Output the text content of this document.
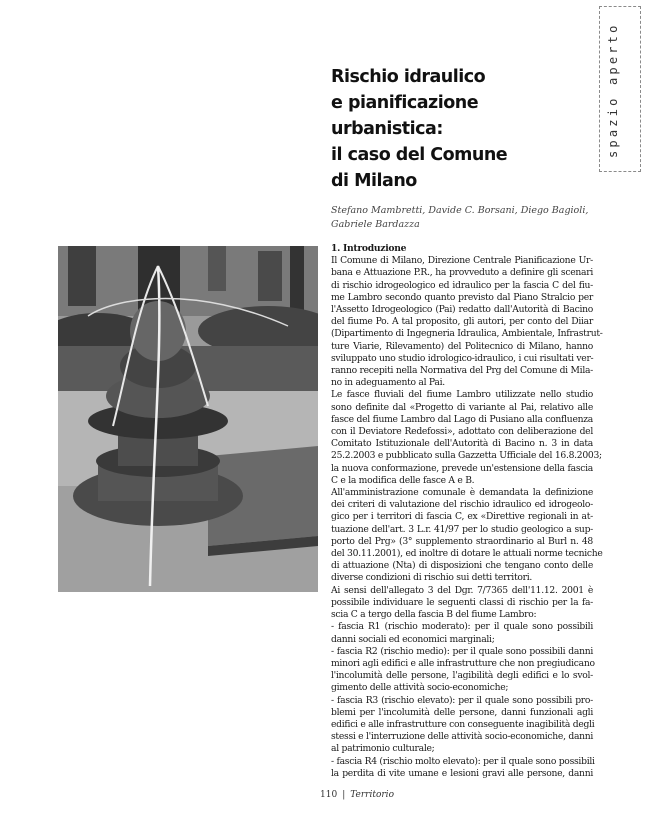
spazio aperto
Rischio idraulico
e pianificazione
urbanistica:
il caso del Comune
di Milano
Stefano Mambretti, Davide C. Borsani, Diego Bagioli,
Gabriele Bardazza
1. Introduzione
Il Comune di Milano, Direzione Centrale Pianificazione Ur-
bana e Attuazione P.R., ha provveduto a definire gli scenari
di rischio idrogeologico ed idraulico per la fascia C del fiu-
me Lambro secondo quanto previsto dal Piano Stralcio per
l'Assetto Idrogeologico (Pai) redatto dall'Autorità di Bacino
del fiume Po. A tal proposito, gli autori, per conto del Diiar
(Dipartimento di Ingegneria Idraulica, Ambientale, Infrastrut-
ture Viarie, Rilevamento) del Politecnico di Milano, hanno
sviluppato uno studio idrologico-idraulico, i cui risultati ver-
ranno recepiti nella Normativa del Prg del Comune di Mila-
no in adeguamento al Pai.
Le fasce fluviali del fiume Lambro utilizzate nello studio
sono definite dal «Progetto di variante al Pai, relativo alle
fasce del fiume Lambro dal Lago di Pusiano alla confluenza
con il Deviatore Redefossi», adottato con deliberazione del
Comitato Istituzionale dell'Autorità di Bacino n. 3 in data
25.2.2003 e pubblicato sulla Gazzetta Ufficiale del 16.8.2003;
la nuova conformazione, prevede un'estensione della fascia
C e la modifica delle fasce A e B.
All'amministrazione comunale è demandata la definizione
dei criteri di valutazione del rischio idraulico ed idrogeolo-
gico per i territori di fascia C, ex «Direttive regionali in at-
tuazione dell'art. 3 L.r. 41/97 per lo studio geologico a sup-
porto del Prg» (3° supplemento straordinario al Burl n. 48
del 30.11.2001), ed inoltre di dotare le attuali norme tecniche
di attuazione (Nta) di disposizioni che tengano conto delle
diverse condizioni di rischio sui detti territori.
Ai sensi dell'allegato 3 del Dgr. 7/7365 dell'11.12. 2001 è
possibile individuare le seguenti classi di rischio per la fa-
scia C a tergo della fascia B del fiume Lambro:
- fascia R1 (rischio moderato): per il quale sono possibili
danni sociali ed economici marginali;
- fascia R2 (rischio medio): per il quale sono possibili danni
minori agli edifici e alle infrastrutture che non pregiudicano
l'incolumità delle persone, l'agibilità degli edifici e lo svol-
gimento delle attività socio-economiche;
- fascia R3 (rischio elevato): per il quale sono possibili pro-
blemi per l'incolumità delle persone, danni funzionali agli
edifici e alle infrastrutture con conseguente inagibilità degli
stessi e l'interruzione delle attività socio-economiche, danni
al patrimonio culturale;
- fascia R4 (rischio molto elevato): per il quale sono possibili
la perdita di vite umane e lesioni gravi alle persone, danni
110 | Territorio
